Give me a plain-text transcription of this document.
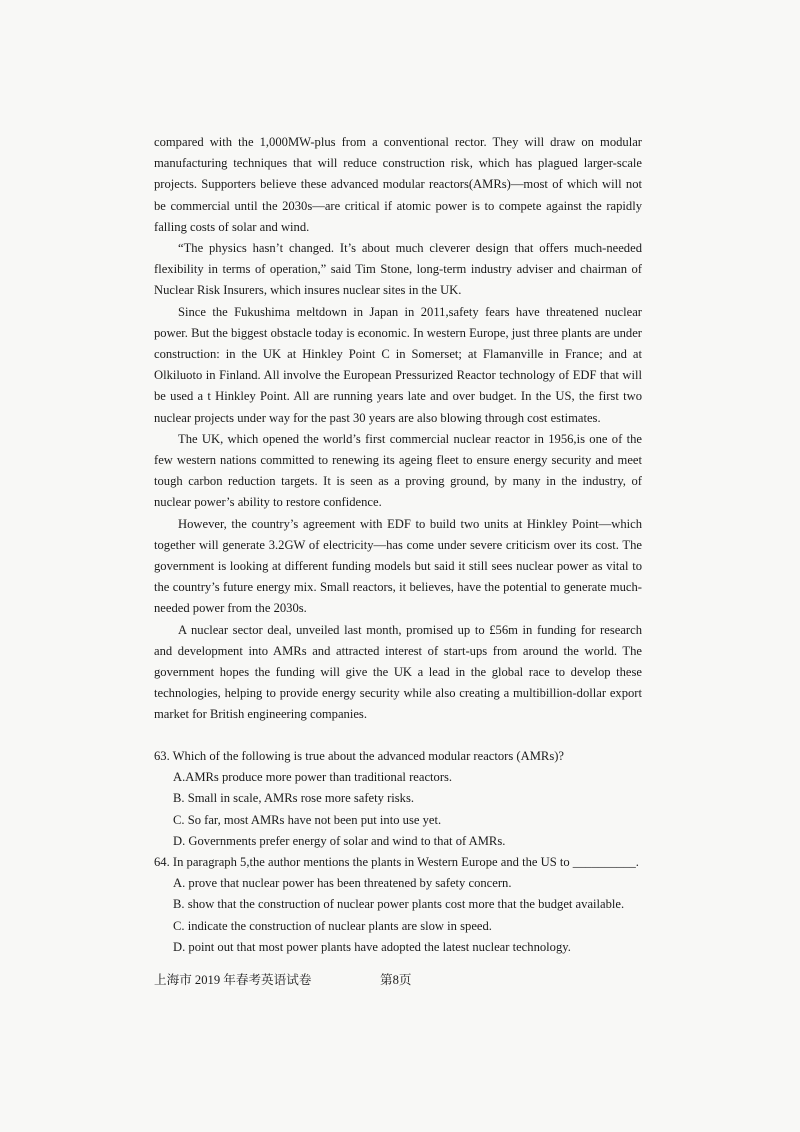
compared with the 1,000MW-plus from a conventional rector. They will draw on modular manufacturing techniques that will reduce construction risk, which has plagued larger-scale projects. Supporters believe these advanced modular reactors(AMRs)—most of which will not be commercial until the 2030s—are critical if atomic power is to compete against the rapidly falling costs of solar and wind.

“The physics hasn’t changed. It’s about much cleverer design that offers much-needed flexibility in terms of operation,” said Tim Stone, long-term industry adviser and chairman of Nuclear Risk Insurers, which insures nuclear sites in the UK.

Since the Fukushima meltdown in Japan in 2011,safety fears have threatened nuclear power. But the biggest obstacle today is economic. In western Europe, just three plants are under construction: in the UK at Hinkley Point C in Somerset; at Flamanville in France; and at Olkiluoto in Finland. All involve the European Pressurized Reactor technology of EDF that will be used a t Hinkley Point. All are running years late and over budget. In the US, the first two nuclear projects under way for the past 30 years are also blowing through cost estimates.

The UK, which opened the world’s first commercial nuclear reactor in 1956,is one of the few western nations committed to renewing its ageing fleet to ensure energy security and meet tough carbon reduction targets. It is seen as a proving ground, by many in the industry, of nuclear power’s ability to restore confidence.

However, the country’s agreement with EDF to build two units at Hinkley Point—which together will generate 3.2GW of electricity—has come under severe criticism over its cost. The government is looking at different funding models but said it still sees nuclear power as vital to the country’s future energy mix. Small reactors, it believes, have the potential to generate much-needed power from the 2030s.

A nuclear sector deal, unveiled last month, promised up to £56m in funding for research and development into AMRs and attracted interest of start-ups from around the world. The government hopes the funding will give the UK a lead in the global race to develop these technologies, helping to provide energy security while also creating a multibillion-dollar export market for British engineering companies.

63. Which of the following is true about the advanced modular reactors (AMRs)?

A.AMRs produce more power than traditional reactors.

B. Small in scale, AMRs rose more safety risks.

C. So far, most AMRs have not been put into use yet.

D. Governments prefer energy of solar and wind to that of AMRs.

64. In paragraph 5,the author mentions the plants in Western Europe and the US to __________.

A. prove that nuclear power has been threatened by safety concern.

B. show that the construction of nuclear power plants cost more that the budget available.

C. indicate the construction of nuclear plants are slow in speed.

D. point out that most power plants have adopted the latest nuclear technology.

上海市 2019 年春考英语试卷	第8页
